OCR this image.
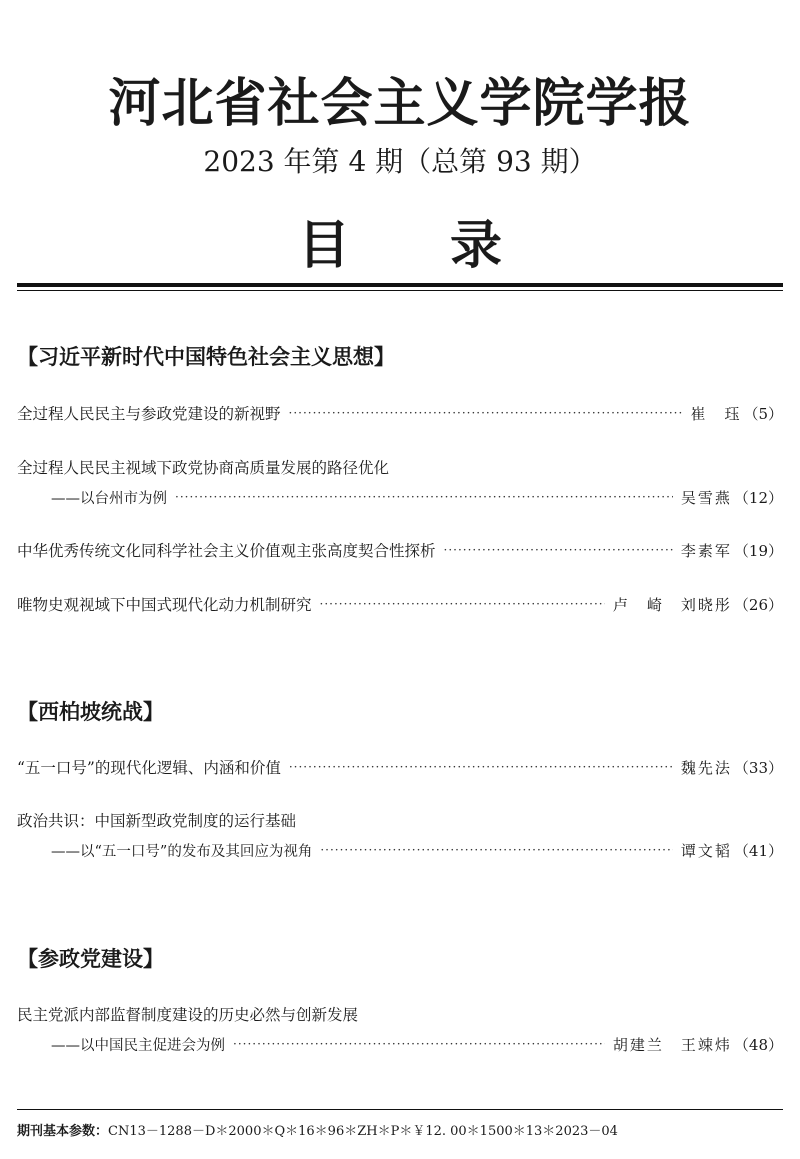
河北省社会主义学院学报
2023 年第 4 期（总第 93 期）
目录
【习近平新时代中国特色社会主义思想】
全过程人民民主与参政党建设的新视野 ·····	崔　珏 （5）
全过程人民民主视域下政党协商高质量发展的路径优化
——以台州市为例 ·····	吴雪燕 （12）
中华优秀传统文化同科学社会主义价值观主张高度契合性探析 ·····	李素军 （19）
唯物史观视域下中国式现代化动力机制研究 ·····	卢　崎　刘晓彤 （26）
【西柏坡统战】
“五一口号”的现代化逻辑、内涵和价值 ·····	魏先法 （33）
政治共识：中国新型政党制度的运行基础
——以“五一口号”的发布及其回应为视角 ·····	谭文韬 （41）
【参政党建设】
民主党派内部监督制度建设的历史必然与创新发展
——以中国民主促进会为例 ·····	胡建兰　王竦炜 （48）
期刊基本参数：CN13－1288－D＊2000＊Q＊16＊96＊ZH＊P＊￥12. 00＊1500＊13＊2023－04
